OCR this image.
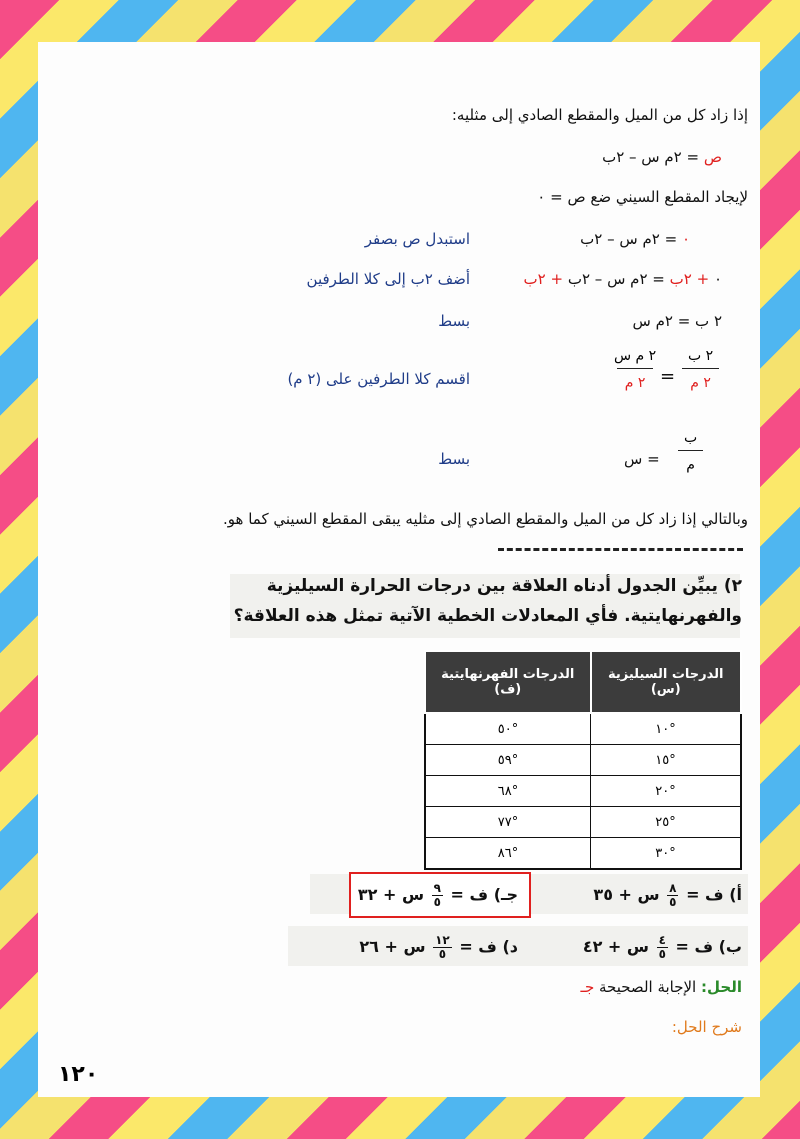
إذا زاد كل من الميل والمقطع الصادي إلى مثليه:
ص = ٢م س – ٢ب
لإيجاد المقطع السيني ضع ص = ٠
٠ = ٢م س – ٢ب
استبدل ص بصفر
٠ + ٢ب = ٢م س – ٢ب + ٢ب
أضف ٢ب إلى كلا الطرفين
٢ ب = ٢م س
بسط
٢ ب
٢ م
=
٢ م س
٢ م
اقسم كلا الطرفين على (٢ م)
ب
م
= س
بسط
وبالتالي إذا زاد كل من الميل والمقطع الصادي إلى مثليه يبقى المقطع السيني كما هو.
٢) يبيِّن الجدول أدناه العلاقة بين درجات الحرارة السيليزية
والفهرنهايتية. فأي المعادلات الخطية الآتية تمثل هذه العلاقة؟
الدرجات السيليزية (س)	الدرجات الفهرنهايتية (ف)
°١٠	°٥٠
°١٥	°٥٩
°٢٠	°٦٨
°٢٥	°٧٧
°٣٠	°٨٦
أ) ف =
٨
٥
س + ٣٥
جـ) ف =
٩
٥
س + ٣٢
ب) ف =
٤
٥
س + ٤٢
د) ف =
١٢
٥
س + ٢٦
الحل: الإجابة الصحيحة جـ
شرح الحل:
١٢٠
